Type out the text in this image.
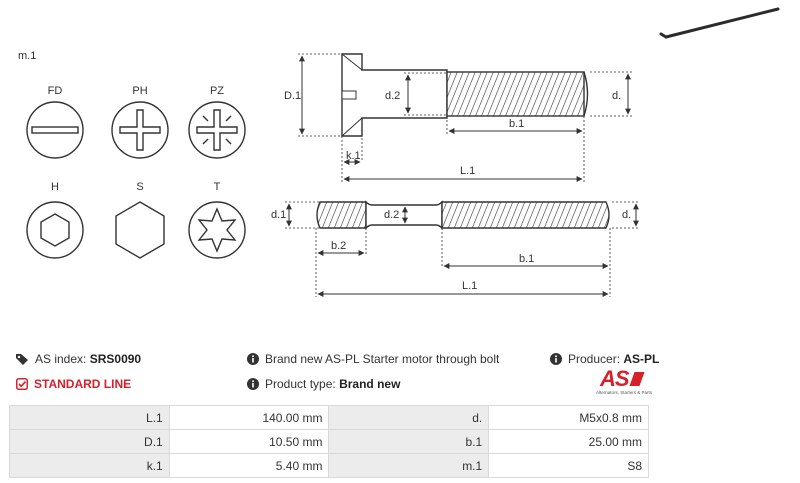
m.1
FD	PH	PZ
H	S	T
D.1	d.2	d.
b.1
k.1
L.1
d.1	d.2	d.
b.2
b.1
L.1
AS index:
SRS0090	Brand new AS-PL Starter motor through bolt	Producer:
AS-PL
STANDARD LINE	Product type:
Brand new	AS
Alternators, Starters & Parts
L.1	140.00 mm	d.	M5x0.8 mm
D.1	10.50 mm	b.1	25.00 mm
k.1	5.40 mm	m.1	S8
